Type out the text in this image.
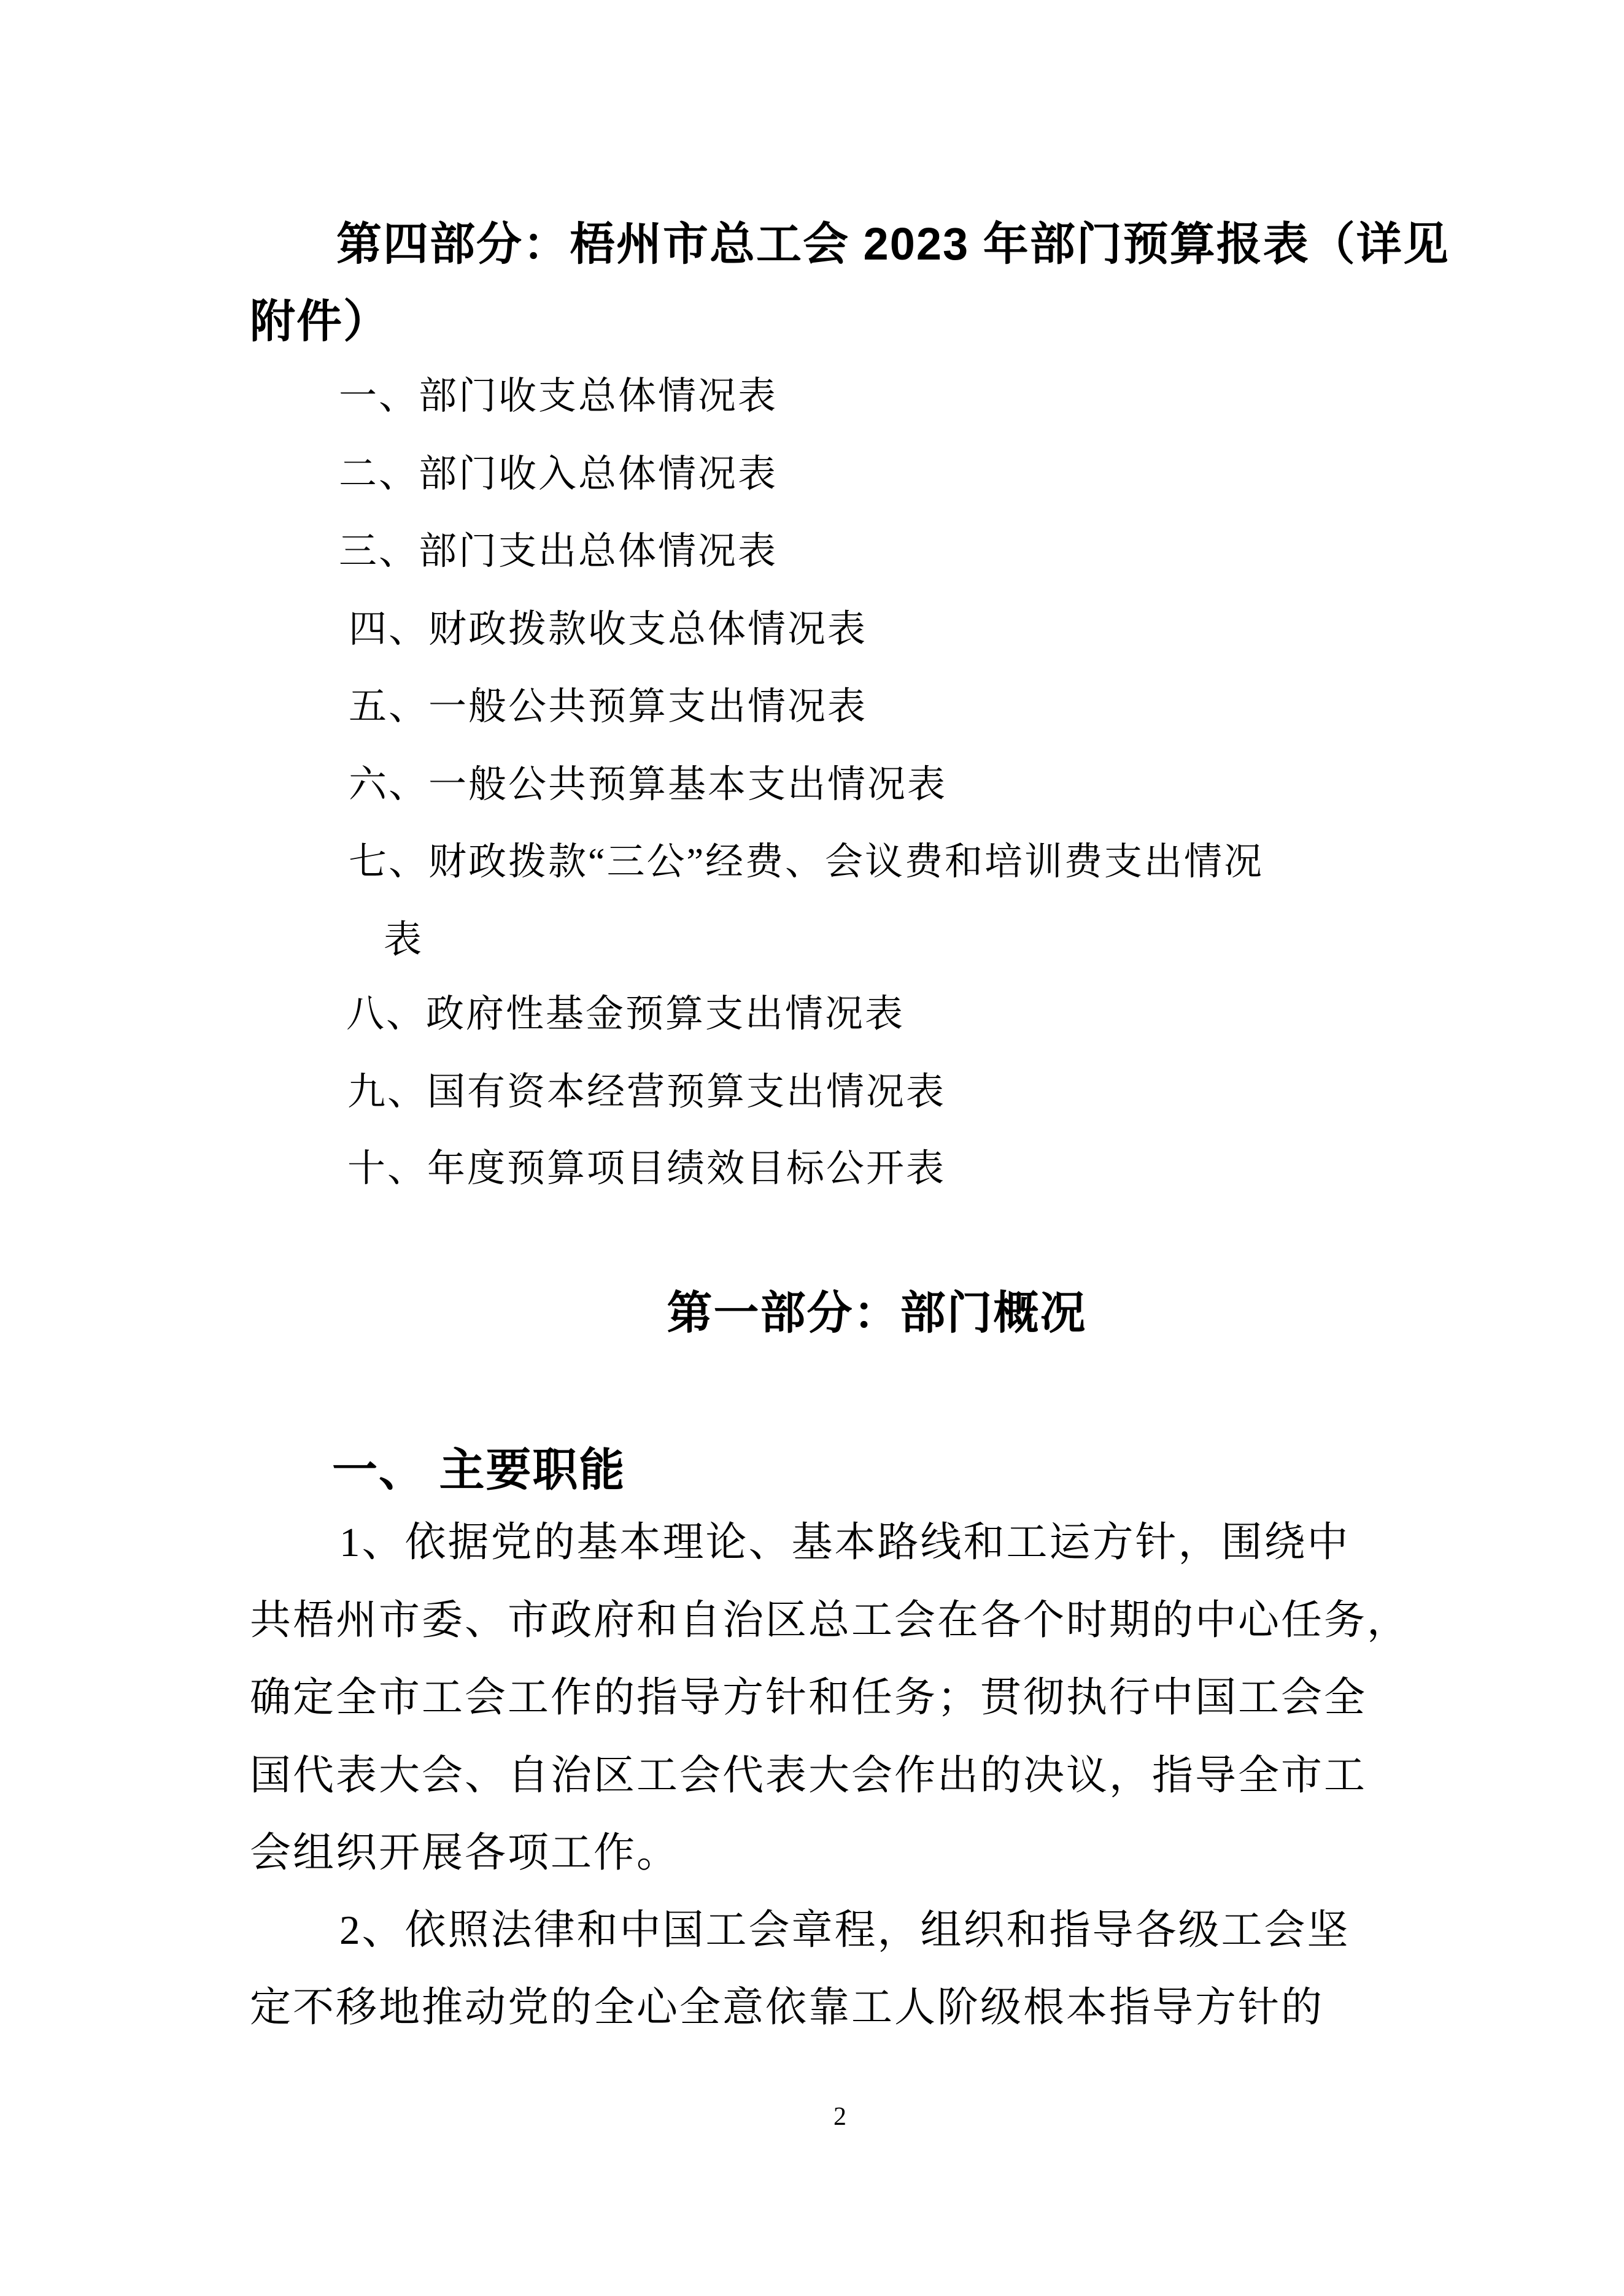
第四部分：梧州市总工会 2023 年部门预算报表（详见
附件）
一、部门收支总体情况表
二、部门收入总体情况表
三、部门支出总体情况表
四、财政拨款收支总体情况表
五、一般公共预算支出情况表
六、一般公共预算基本支出情况表
七、财政拨款“三公”经费、会议费和培训费支出情况
表
八、政府性基金预算支出情况表
九、国有资本经营预算支出情况表
十、年度预算项目绩效目标公开表
第一部分：部门概况
一、 主要职能
1、依据党的基本理论、基本路线和工运方针，围绕中
共梧州市委、市政府和自治区总工会在各个时期的中心任务，
确定全市工会工作的指导方针和任务；贯彻执行中国工会全
国代表大会、自治区工会代表大会作出的决议，指导全市工
会组织开展各项工作。
2、依照法律和中国工会章程，组织和指导各级工会坚
定不移地推动党的全心全意依靠工人阶级根本指导方针的
2
